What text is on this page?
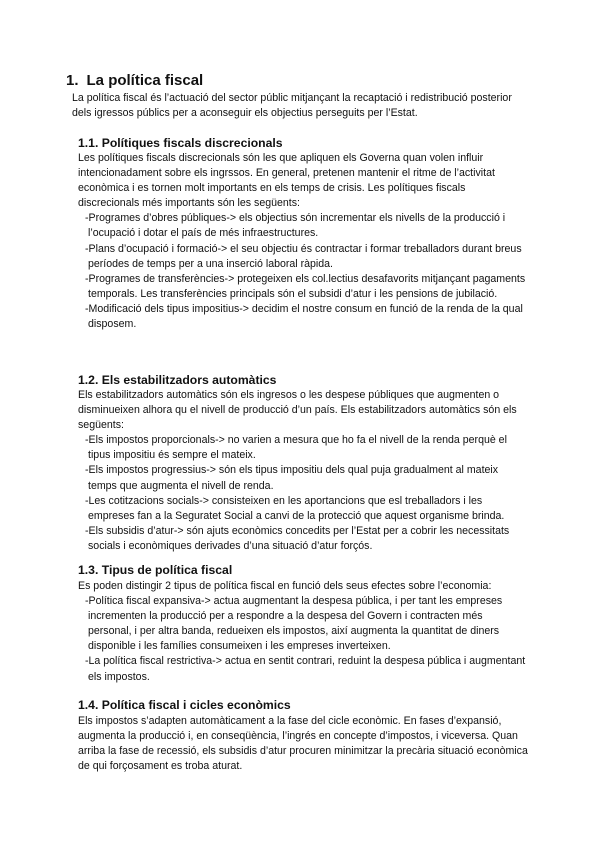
1. La política fiscal

La política fiscal és l’actuació del sector públic mitjançant la recaptació i redistribució posterior dels igressos públics per a aconseguir els objectius perseguits per l’Estat.

1.1. Polítiques fiscals discrecionals

Les polítiques fiscals discrecionals són les que apliquen els Governa quan volen influir intencionadament sobre els ingrssos. En general, pretenen mantenir el ritme de l’activitat econòmica i es tornen molt importants en els temps de crisis. Les polítiques fiscals discrecionals més importants són les següents:

-Programes d’obres públiques-> els objectius són incrementar els nivells de la producció i l’ocupació i dotar el país de més infraestructures.
-Plans d’ocupació i formació-> el seu objectiu és contractar i formar treballadors durant breus períodes de temps per a una inserció laboral ràpida.
-Programes de transferències-> protegeixen els col.lectius desafavorits mitjançant pagaments temporals. Les transferències principals són el subsidi d’atur i les pensions de jubilació.
-Modificació dels tipus impositius-> decidim el nostre consum en funció de la renda de la qual disposem.
1.2. Els estabilitzadors automàtics

Els estabilitzadors automàtics són els ingresos o les despese públiques que augmenten o disminueixen alhora qu el nivell de producció d’un país. Els estabilitzadors automàtics són els següents:

-Els impostos proporcionals-> no varien a mesura que ho fa el nivell de la renda perquè el tipus impositiu és sempre el mateix.
-Els impostos progressius-> són els tipus impositiu dels qual puja gradualment al mateix temps que augmenta el nivell de renda.
-Les cotitzacions socials-> consisteixen en les aportancions que esl treballadors i les empreses fan a la Seguratet Social a canvi de la protecció que aquest organisme brinda.
-Els subsidis d’atur-> són ajuts econòmics concedits per l’Estat per a cobrir les necessitats socials i econòmiques derivades d’una situació d’atur forçós.
1.3. Tipus de política fiscal

Es poden distingir 2 tipus de política fiscal en funció dels seus efectes sobre l’economia:

-Política fiscal expansiva-> actua augmentant la despesa pública, i per tant les empreses incrementen la producció per a respondre a la despesa del Govern i contracten més personal, i per altra banda, redueixen els impostos, així augmenta la quantitat de diners disponible i les famílies consumeixen i les empreses inverteixen.
-La política fiscal restrictiva-> actua en sentit contrari, reduint la despesa pública i augmentant els impostos.
1.4. Política fiscal i cicles econòmics

Els impostos s’adapten automàticament a la fase del cicle econòmic. En fases d’expansió, augmenta la producció i, en conseqüència, l’ingrés en concepte d’impostos, i viceversa. Quan arriba la fase de recessió, els subsidis d’atur procuren minimitzar la precària situació econòmica de qui forçosament es troba aturat.
